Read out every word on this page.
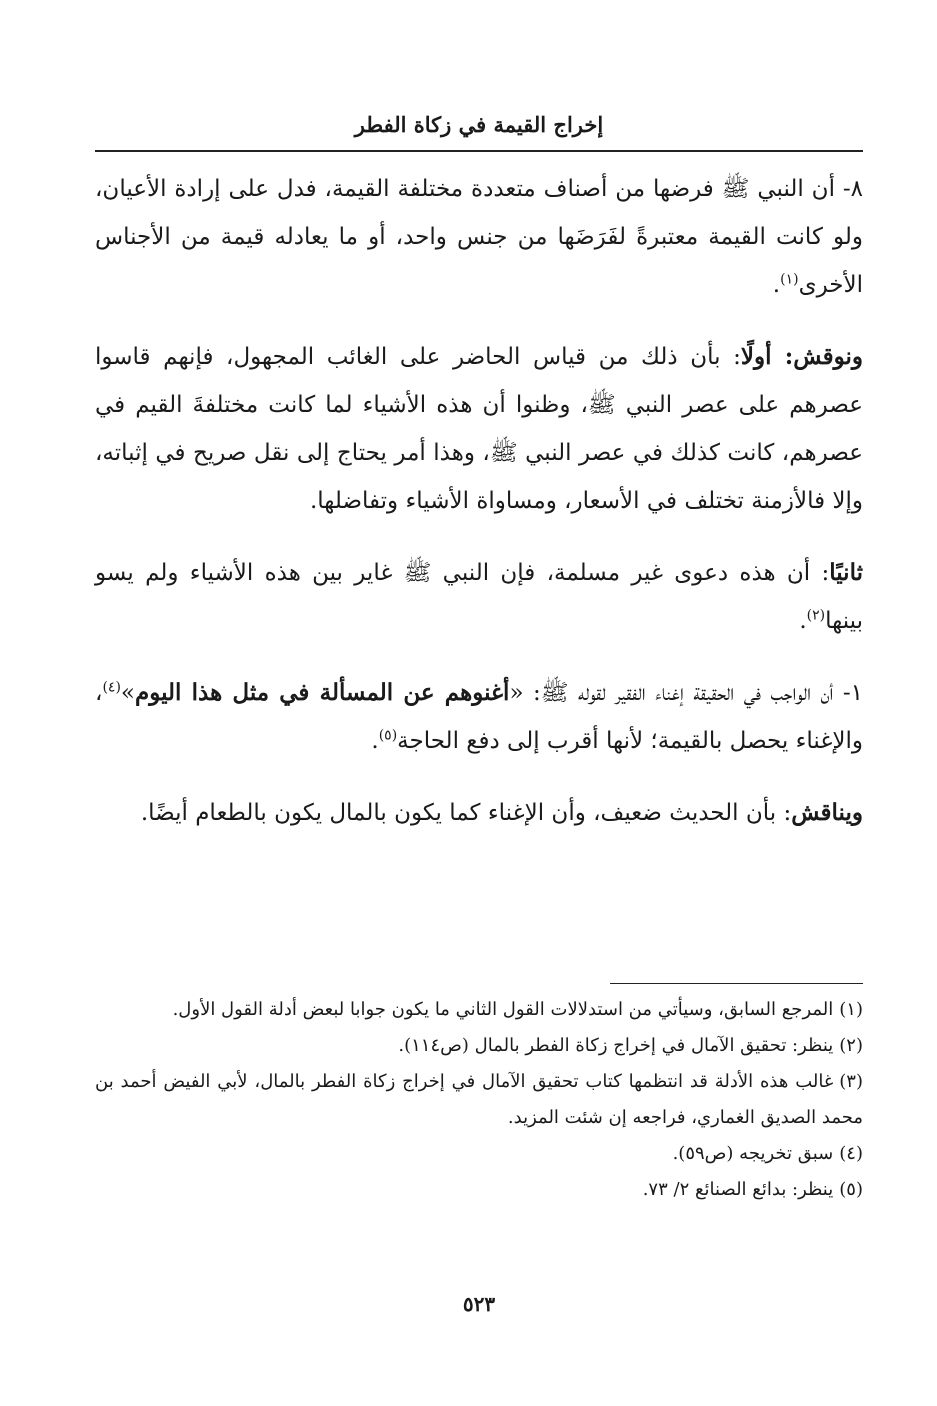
إخراج القيمة في زكاة الفطر

٨- أن النبي ﷺ فرضها من أصناف متعددة مختلفة القيمة، فدل على إرادة الأعيان، ولو كانت القيمة معتبرةً لفَرَضَها من جنس واحد، أو ما يعادله قيمة من الأجناس الأخرى$^{(١)}$.

ونوقش: أولًا: بأن ذلك من قياس الحاضر على الغائب المجهول، فإنهم قاسوا عصرهم على عصر النبي ﷺ، وظنوا أن هذه الأشياء لما كانت مختلفةَ القيم في عصرهم، كانت كذلك في عصر النبي ﷺ، وهذا أمر يحتاج إلى نقل صريح في إثباته، وإلا فالأزمنة تختلف في الأسعار، ومساواة الأشياء وتفاضلها.

ثانيًا: أن هذه دعوى غير مسلمة، فإن النبي ﷺ غاير بين هذه الأشياء ولم يسو بينها$^{(٢)}$.

١- أن الواجب في الحقيقة إغناء الفقير لقوله ﷺ: «أغنوهم عن المسألة في مثل هذا اليوم»$^{(٤)}$، والإغناء يحصل بالقيمة؛ لأنها أقرب إلى دفع الحاجة$^{(٥)}$.

ويناقش: بأن الحديث ضعيف، وأن الإغناء كما يكون بالمال يكون بالطعام أيضًا.

(١)المرجع السابق، وسيأتي من استدلالات القول الثاني ما يكون جوابا لبعض أدلة القول الأول.

(٢)ينظر: تحقيق الآمال في إخراج زكاة الفطر بالمال (ص١١٤).

(٣)غالب هذه الأدلة قد انتظمها كتاب تحقيق الآمال في إخراج زكاة الفطر بالمال، لأبي الفيض أحمد بن محمد الصديق الغماري، فراجعه إن شئت المزيد.

(٤)سبق تخريجه (ص٥٩).

(٥)ينظر: بدائع الصنائع ٢/ ٧٣.

٥٢٣
